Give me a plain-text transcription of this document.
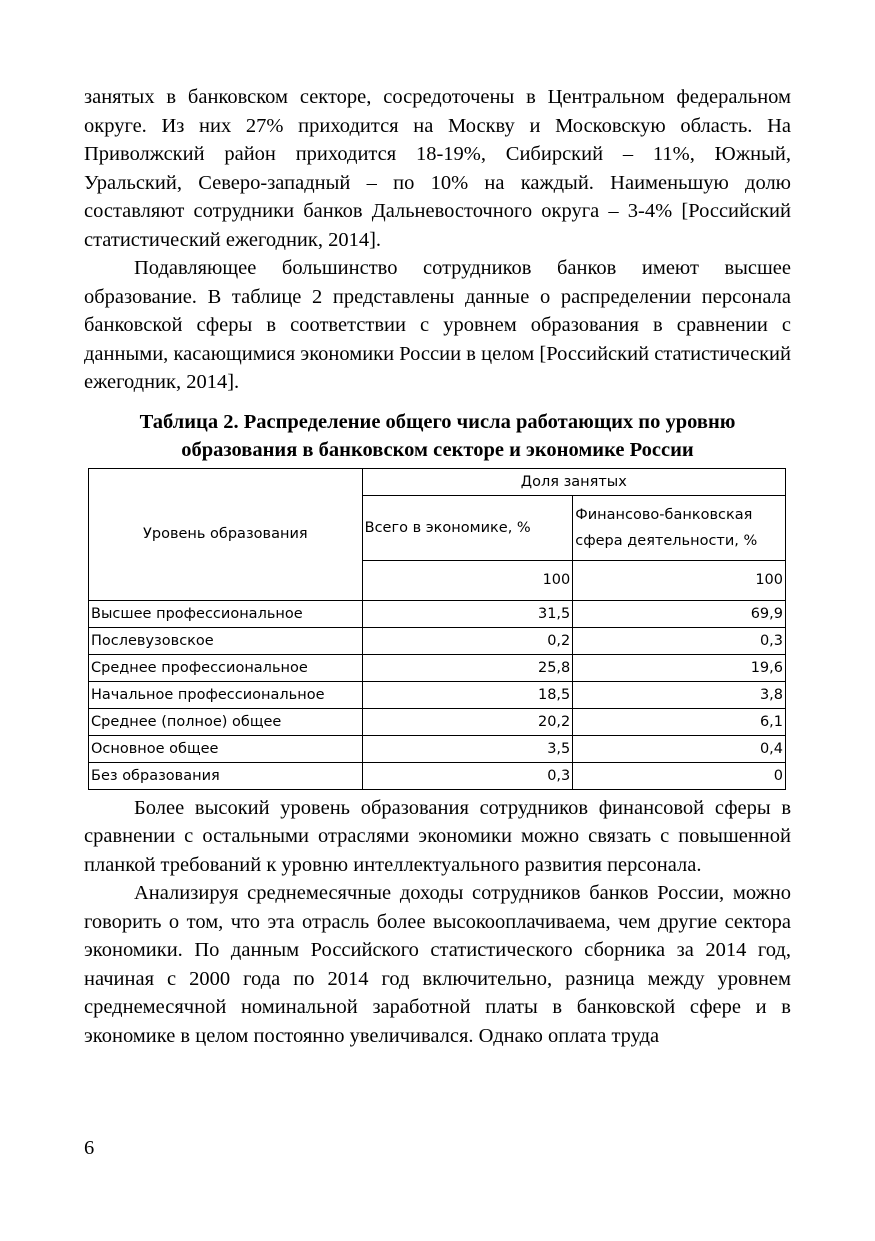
занятых в банковском секторе, сосредоточены в Центральном федеральном округе. Из них 27% приходится на Москву и Московскую область. На Приволжский район приходится 18-19%, Сибирский – 11%, Южный, Уральский, Северо-западный – по 10% на каждый. Наименьшую долю составляют сотрудники банков Дальневосточного округа – 3-4% [Российский статистический ежегодник, 2014].

Подавляющее большинство сотрудников банков имеют высшее образование. В таблице 2 представлены данные о распределении персонала банковской сферы в соответствии с уровнем образования в сравнении с данными, касающимися экономики России в целом [Российский статистический ежегодник, 2014].

Таблица 2. Распределение общего числа работающих по уровню
образования в банковском секторе и экономике России
Уровень образования	Доля занятых	
	Всего в экономике, %	Финансово-банковская
сфера деятельности, %
	100	100
Высшее профессиональное	31,5	69,9
Послевузовское	0,2	0,3
Среднее профессиональное	25,8	19,6
Начальное профессиональное	18,5	3,8
Среднее (полное) общее	20,2	6,1
Основное общее	3,5	0,4
Без образования	0,3	0

Более высокий уровень образования сотрудников финансовой сферы в сравнении с остальными отраслями экономики можно связать с повышенной планкой требований к уровню интеллектуального развития персонала.

Анализируя среднемесячные доходы сотрудников банков России, можно говорить о том, что эта отрасль более высокооплачиваема, чем другие сектора экономики. По данным Российского статистического сборника за 2014 год, начиная с 2000 года по 2014 год включительно, разница между уровнем среднемесячной номинальной заработной платы в банковской сфере и в экономике в целом постоянно увеличивался. Однако оплата труда

6
